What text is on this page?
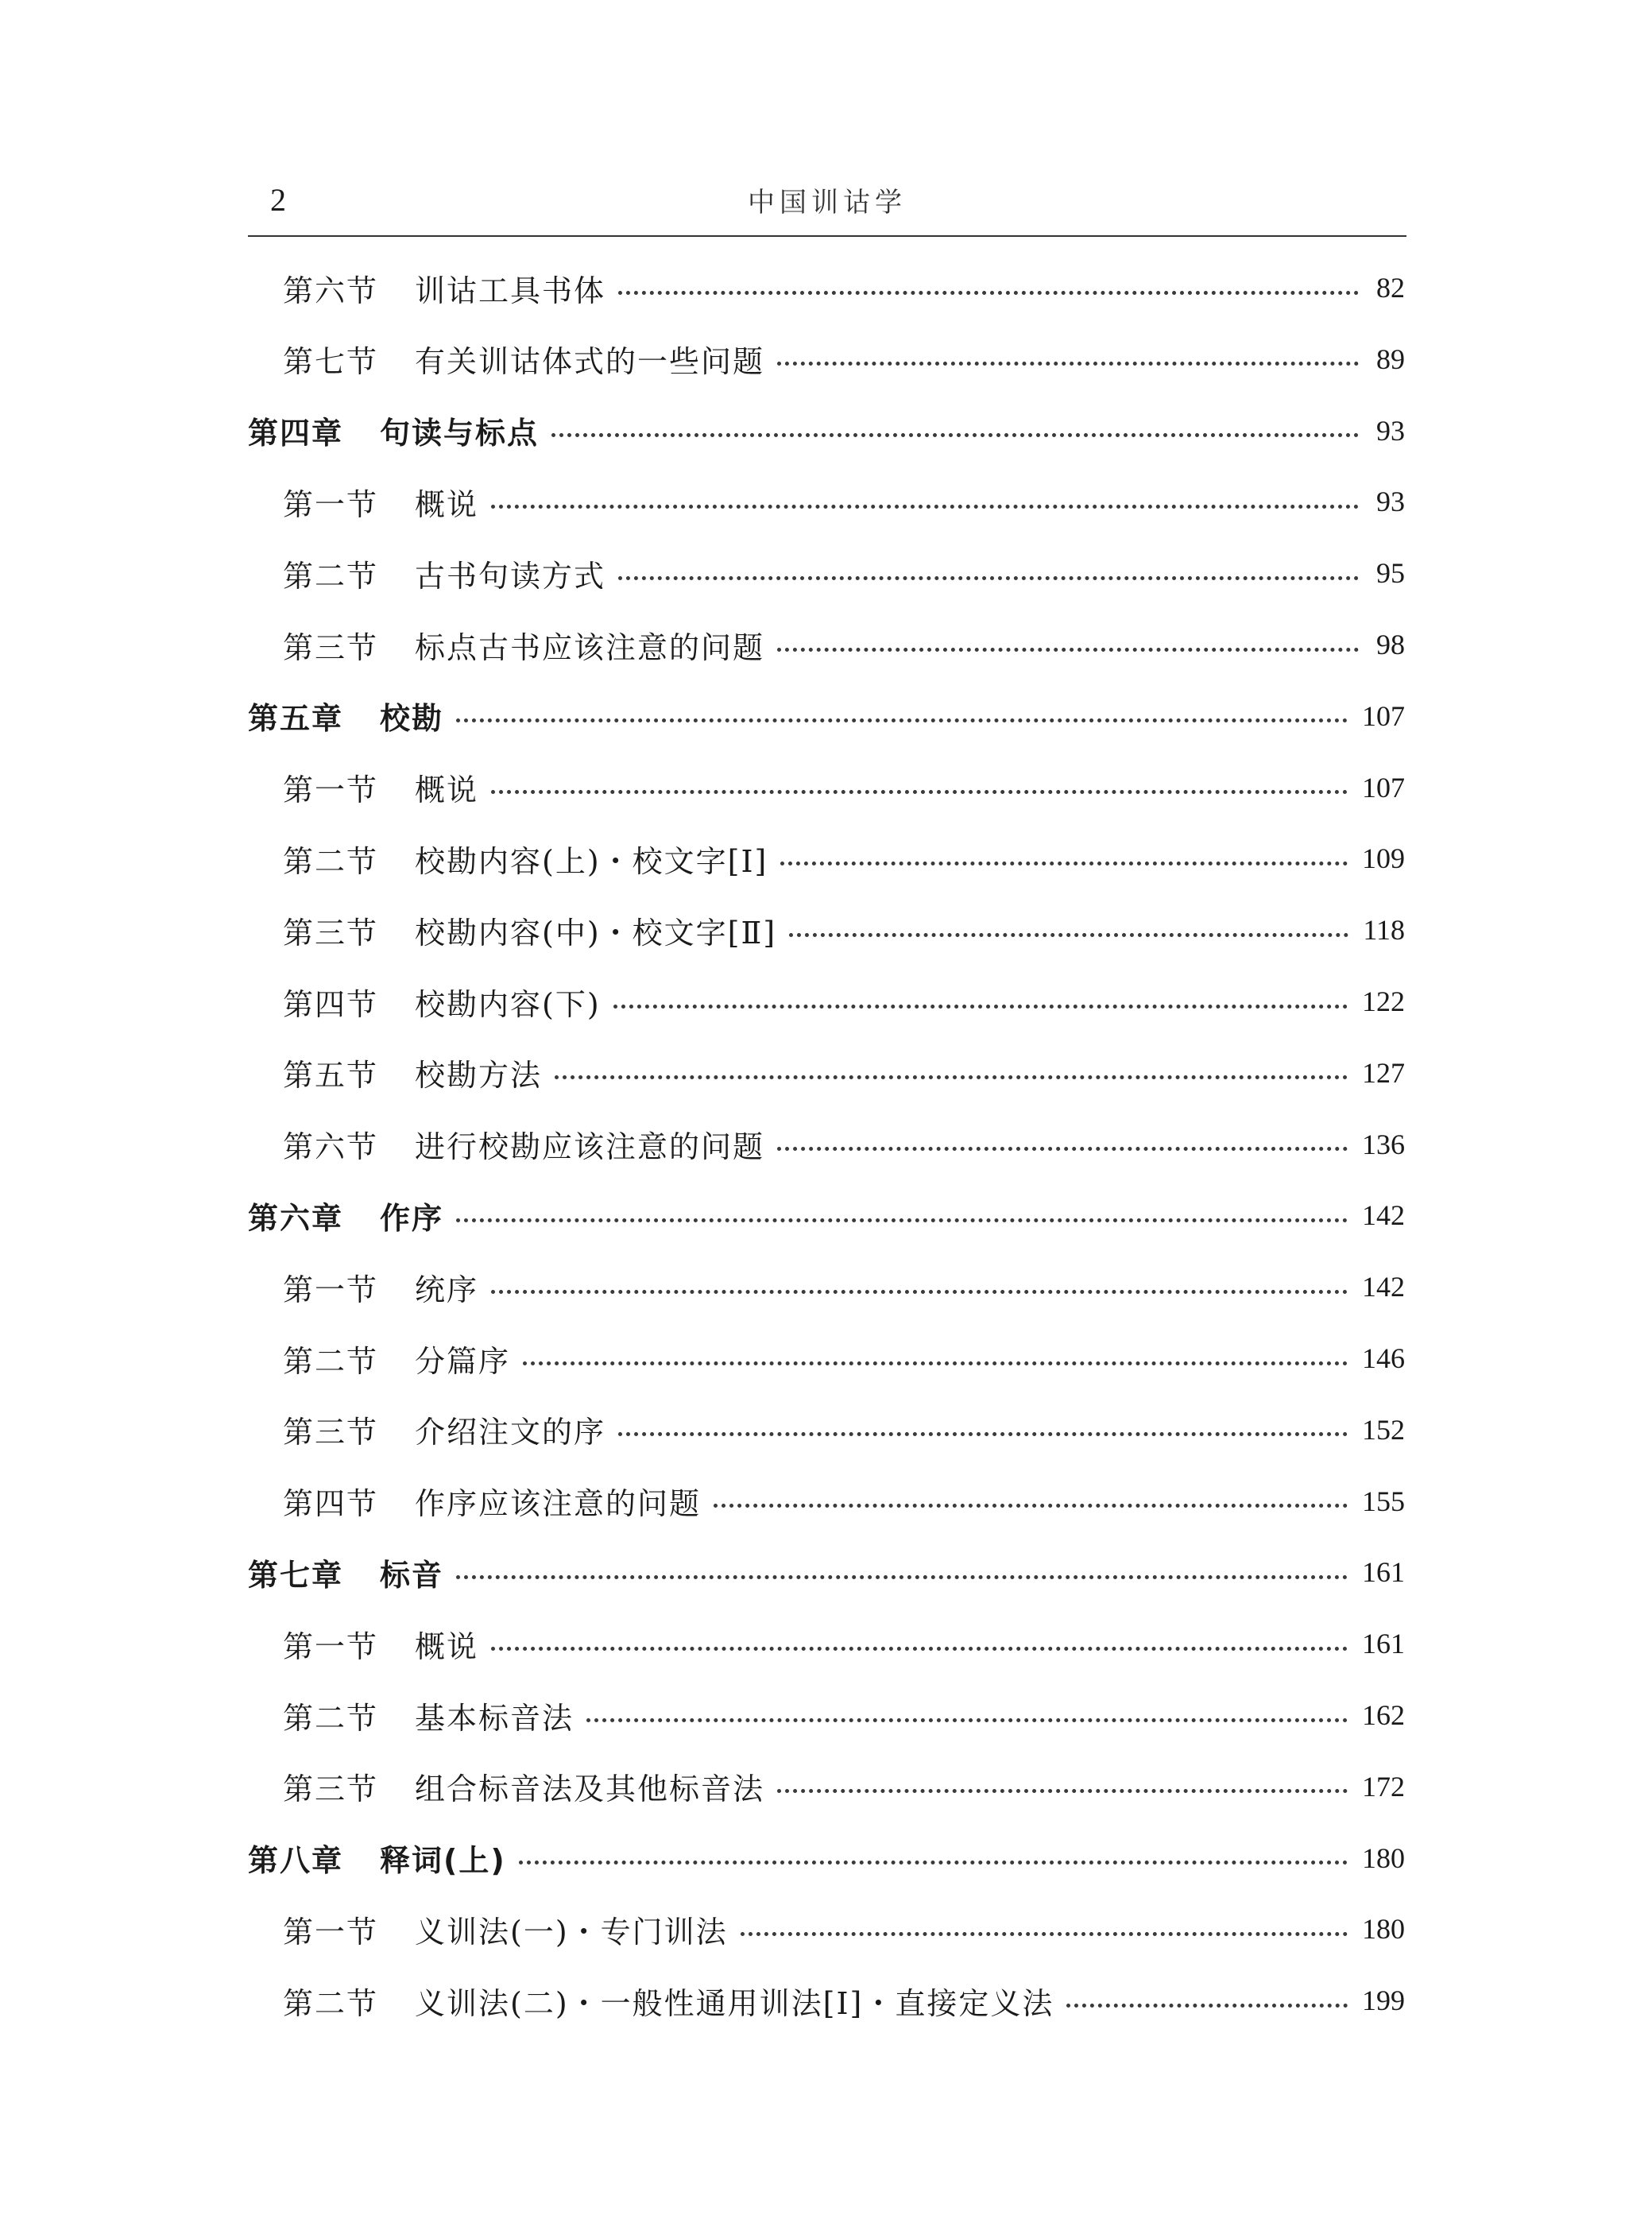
2	中国训诂学
第六节 训诂工具书体	82
第七节 有关训诂体式的一些问题	89
第四章 句读与标点	93
第一节 概说	93
第二节 古书句读方式	95
第三节 标点古书应该注意的问题	98
第五章 校勘	107
第一节 概说	107
第二节 校勘内容(上)・校文字[Ⅰ]	109
第三节 校勘内容(中)・校文字[Ⅱ]	118
第四节 校勘内容(下)	122
第五节 校勘方法	127
第六节 进行校勘应该注意的问题	136
第六章 作序	142
第一节 统序	142
第二节 分篇序	146
第三节 介绍注文的序	152
第四节 作序应该注意的问题	155
第七章 标音	161
第一节 概说	161
第二节 基本标音法	162
第三节 组合标音法及其他标音法	172
第八章 释词(上)	180
第一节 义训法(一)・专门训法	180
第二节 义训法(二)・一般性通用训法[Ⅰ]・直接定义法	199
